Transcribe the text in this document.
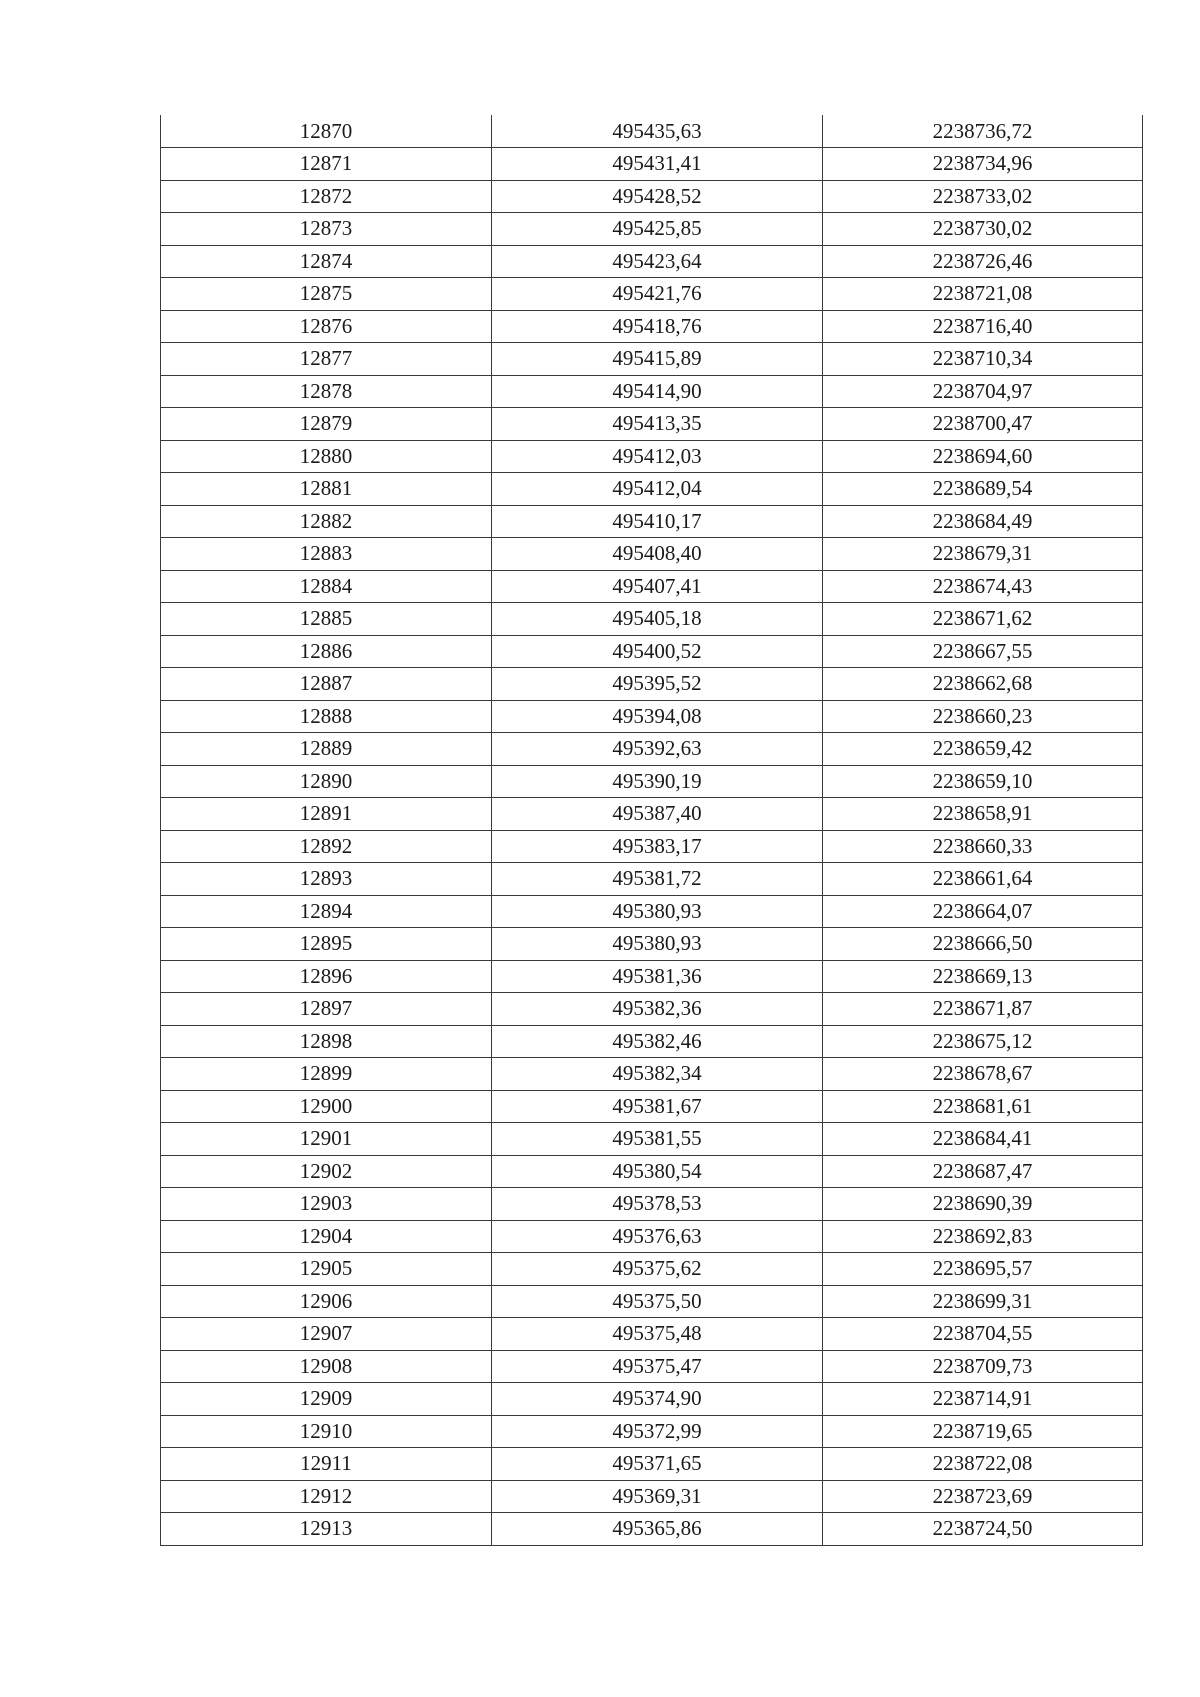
12870	495435,63	2238736,72
12871	495431,41	2238734,96
12872	495428,52	2238733,02
12873	495425,85	2238730,02
12874	495423,64	2238726,46
12875	495421,76	2238721,08
12876	495418,76	2238716,40
12877	495415,89	2238710,34
12878	495414,90	2238704,97
12879	495413,35	2238700,47
12880	495412,03	2238694,60
12881	495412,04	2238689,54
12882	495410,17	2238684,49
12883	495408,40	2238679,31
12884	495407,41	2238674,43
12885	495405,18	2238671,62
12886	495400,52	2238667,55
12887	495395,52	2238662,68
12888	495394,08	2238660,23
12889	495392,63	2238659,42
12890	495390,19	2238659,10
12891	495387,40	2238658,91
12892	495383,17	2238660,33
12893	495381,72	2238661,64
12894	495380,93	2238664,07
12895	495380,93	2238666,50
12896	495381,36	2238669,13
12897	495382,36	2238671,87
12898	495382,46	2238675,12
12899	495382,34	2238678,67
12900	495381,67	2238681,61
12901	495381,55	2238684,41
12902	495380,54	2238687,47
12903	495378,53	2238690,39
12904	495376,63	2238692,83
12905	495375,62	2238695,57
12906	495375,50	2238699,31
12907	495375,48	2238704,55
12908	495375,47	2238709,73
12909	495374,90	2238714,91
12910	495372,99	2238719,65
12911	495371,65	2238722,08
12912	495369,31	2238723,69
12913	495365,86	2238724,50
